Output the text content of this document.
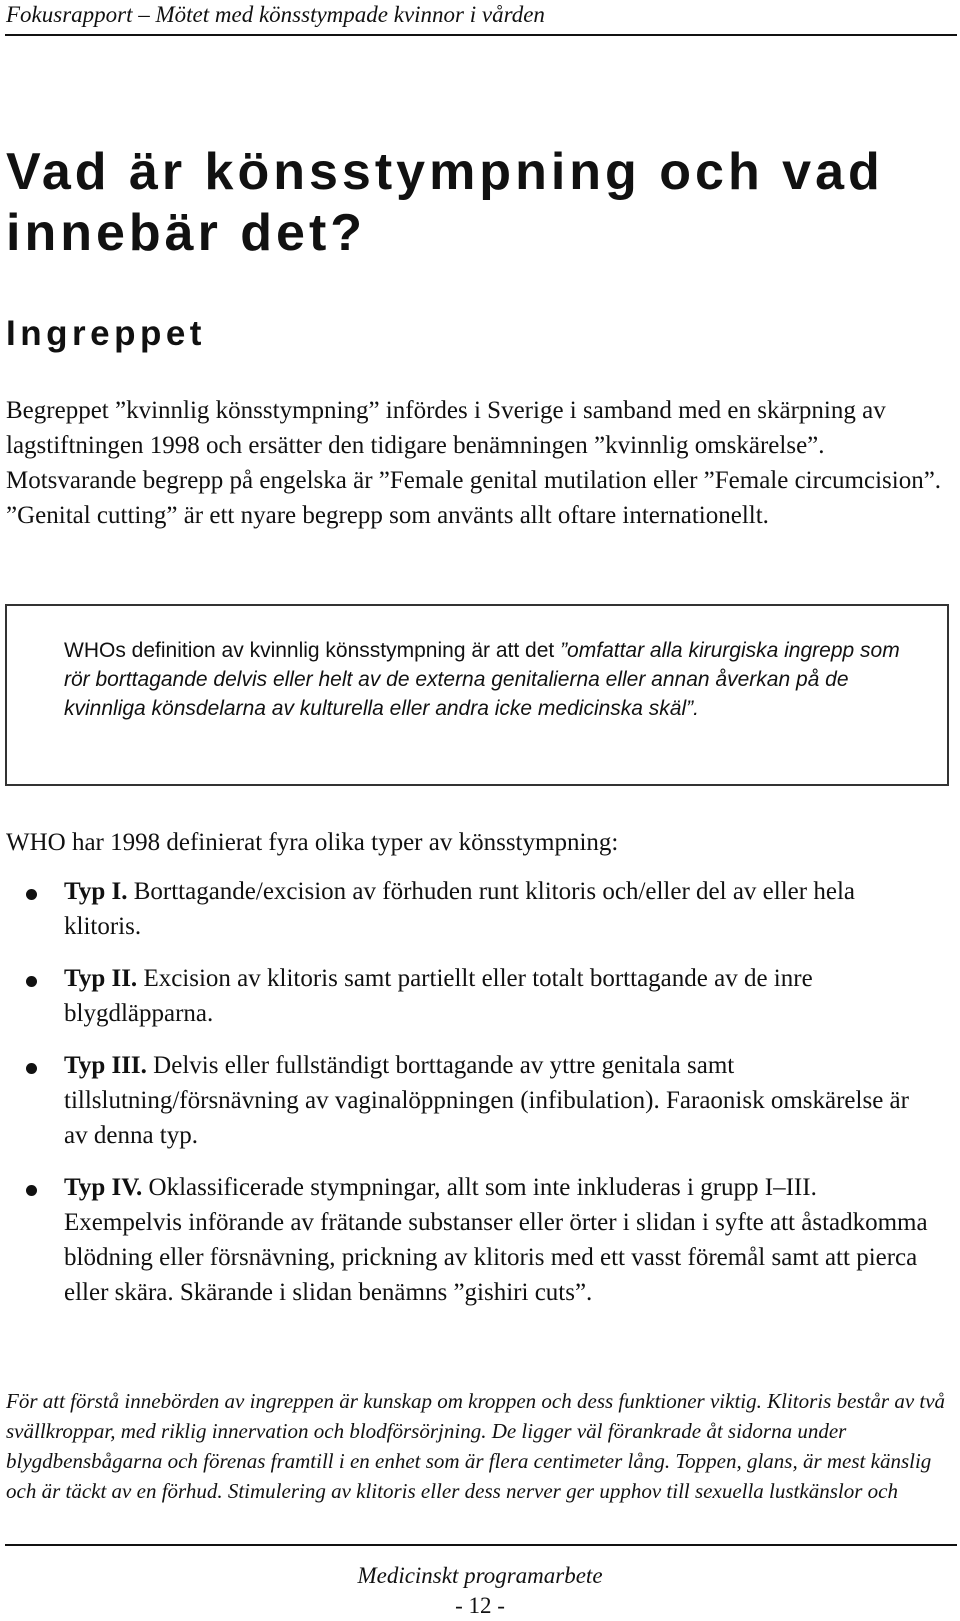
Fokusrapport – Mötet med könsstympade kvinnor i vården
Vad är könsstympning och vad innebär det?
Ingreppet

Begreppet ”kvinnlig könsstympning” infördes i Sverige i samband med en skärpning av lagstiftningen 1998 och ersätter den tidigare benämningen ”kvinnlig omskärelse”. Motsvarande begrepp på engelska är ”Female genital mutilation eller ”Female circumcision”. ”Genital cutting” är ett nyare begrepp som använts allt oftare internationellt.

WHOs definition av kvinnlig könsstympning är att det ”omfattar alla kirurgiska ingrepp som rör borttagande delvis eller helt av de externa genitalierna eller annan åverkan på de kvinnliga könsdelarna av kulturella eller andra icke medicinska skäl”.

WHO har 1998 definierat fyra olika typer av könsstympning:

Typ I. Borttagande/excision av förhuden runt klitoris och/eller del av eller hela klitoris.
Typ II. Excision av klitoris samt partiellt eller totalt borttagande av de inre blygdläpparna.
Typ III. Delvis eller fullständigt borttagande av yttre genitala samt tillslutning/försnävning av vaginalöppningen (infibulation). Faraonisk omskärelse är av denna typ.
Typ IV. Oklassificerade stympningar, allt som inte inkluderas i grupp I–III. Exempelvis införande av frätande substanser eller örter i slidan i syfte att åstadkomma blödning eller försnävning, prickning av klitoris med ett vasst föremål samt att pierca eller skära. Skärande i slidan benämns ”gishiri cuts”.

För att förstå innebörden av ingreppen är kunskap om kroppen och dess funktioner viktig. Klitoris består av två svällkroppar, med riklig innervation och blodförsörjning. De ligger väl förankrade åt sidorna under blygdbensbågarna och förenas framtill i en enhet som är flera centimeter lång. Toppen, glans, är mest känslig och är täckt av en förhud. Stimulering av klitoris eller dess nerver ger upphov till sexuella lustkänslor och

Medicinskt programarbete
- 12 -
